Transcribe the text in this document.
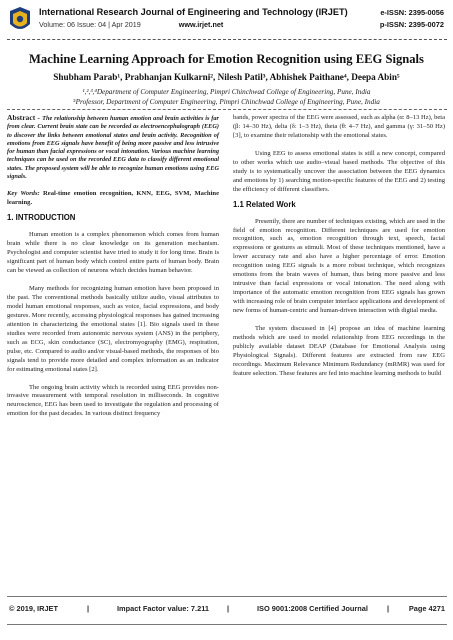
International Research Journal of Engineering and Technology (IRJET)
Volume: 06 Issue: 04 | Apr 2019	www.irjet.net
e-ISSN: 2395-0056
p-ISSN: 2395-0072
Machine Learning Approach for Emotion Recognition using EEG Signals
Shubham Parab¹, Prabhanjan Kulkarni², Nilesh Patil³, Abhishek Paithane⁴, Deepa Abin⁵
¹,²,³,⁴Department of Computer Engineering, Pimpri Chinchwad College of Engineering, Pune, India
⁵Professor, Department of Computer Engineering, Pimpri Chinchwad College of Engineering, Pune, India

Abstract - The relationship between human emotion and brain activities is far from clear. Current brain state can be recorded as electroencephalograph (EEG) to discover the links between emotional states and brain activity. Recognition of emotions from EEG signals have benefit of being more passive and less intrusive for human than facial expressions or vocal intonation. Various machine learning techniques can be used on the recorded EEG data to classify different emotional states. The proposed system will be able to recognize human emotions using EEG signals.

Key Words: Real-time emotion recognition, KNN, EEG, SVM, Machine learning.

1. INTRODUCTION

Human emotion is a complex phenomenon which comes from human brain while there is no clear knowledge on its generation mechanism. Psychologist and computer scientist have tried to study it for long time. Brain is significant part of human body which control entire parts of human body. Brain can be viewed as collection of neurons which decides human behavior.

Many methods for recognizing human emotion have been proposed in the past. The conventional methods basically utilize audio, visual attributes to model human emotional responses, such as voice, facial expressions, and body gestures. More recently, accessing physiological responses has gained increasing attention in characterizing the emotional states [1]. Bio signals used in these studies were recorded from autonomic nervous system (ANS) in the periphery, such as ECG, skin conductance (SC), electromyography (EMG), respiration, pulse, etc. Compared to audio and/or visual-based methods, the responses of bio signals tend to provide more detailed and complex information as an indicator for estimating emotional states [2].

The ongoing brain activity which is recorded using EEG provides non-invasive measurement with temporal resolution in milliseconds. In cognitive neuroscience, EEG has been used to investigate the regulation and processing of emotion for the past decades. In various distinct frequency

bands, power spectra of the EEG were assessed, such as alpha (α: 8–13 Hz), beta (β: 14–30 Hz), delta (δ: 1–3 Hz), theta (θ: 4–7 Hz), and gamma (γ: 31–50 Hz) [3], to examine their relationship with the emotional states.

Using EEG to assess emotional states is still a new concept, compared to other works which use audio–visual based methods. The objective of this study is to systematically uncover the association between the EEG dynamics and emotions by 1) searching motion-specific features of the EEG and 2) testing the efficiency of different classifiers.

1.1 Related Work

Presently, there are number of techniques existing, which are used in the field of emotion recognition. Different techniques are used for emotion recognition, such as, emotion recognition through text, speech, facial expressions or gestures as stimuli. Most of these techniques mentioned, have a lower accuracy rate and also have a higher percentage of error. Emotion recognition using EEG signals is a more robust technique, which recognizes emotions from the brain waves of human, thus being more passive and less intrusive than facial expressions or vocal intonation. The need along with importance of the automatic emotion recognition from EEG signals has grown with increasing role of brain computer interface applications and development of new forms of human-centric and human-driven interaction with digital media.

The system discussed in [4] propose an idea of machine learning methods which are used to model relationship from EEG recordings in the publicly available dataset DEAP (Database for Emotional Analysis using Physiological Signals). Different features are extracted from raw EEG recordings. Maximum Relevance Minimum Redundancy (mRMR) was used for feature selection. These features are fed into machine learning methods to build

© 2019, IRJET	|	Impact Factor value: 7.211 |	ISO 9001:2008 Certified Journal	|	Page 4271
